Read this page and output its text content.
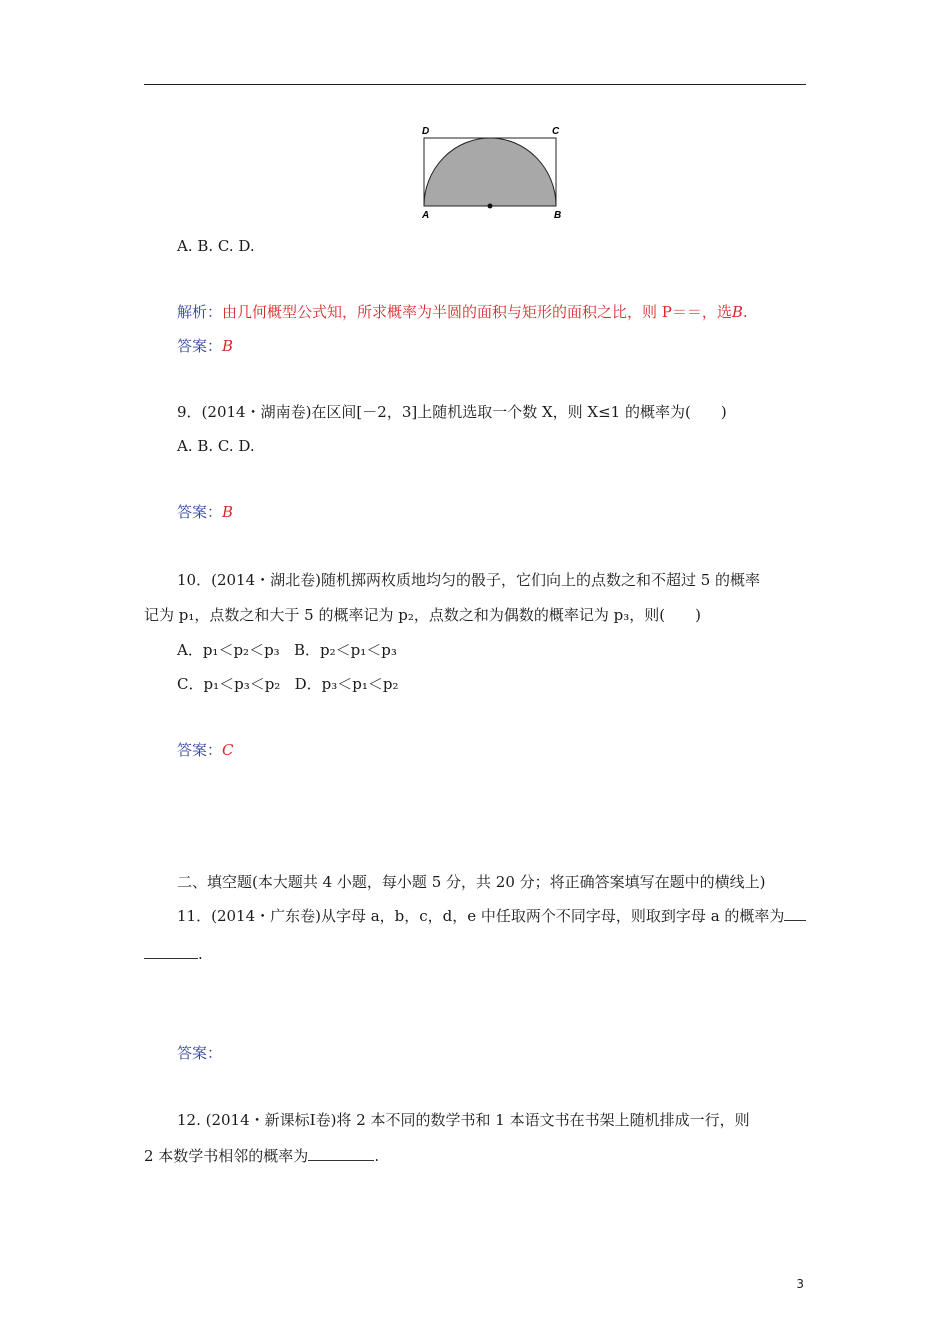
D	C
A	B
A. B. C. D.
解析：由几何概型公式知，所求概率为半圆的面积与矩形的面积之比，则 P＝＝，选B.
答案：B
9．(2014・湖南卷)在区间[－2，3]上随机选取一个数 X，则 X≤1 的概率为(　　)
A. B. C. D.
答案：B
10．(2014・湖北卷)随机掷两枚质地均匀的骰子，它们向上的点数之和不超过 5 的概率
记为 p₁，点数之和大于 5 的概率记为 p₂，点数之和为偶数的概率记为 p₃，则(　　)
A．p₁＜p₂＜p₃ B．p₂＜p₁＜p₃
C．p₁＜p₃＜p₂ D．p₃＜p₁＜p₂
答案：C
二、填空题(本大题共 4 小题，每小题 5 分，共 20 分；将正确答案填写在题中的横线上)
11．(2014・广东卷)从字母 a，b，c，d，e 中任取两个不同字母，则取到字母 a 的概率为
.
答案：
12. (2014・新课标Ⅰ卷)将 2 本不同的数学书和 1 本语文书在书架上随机排成一行，则
2 本数学书相邻的概率为	.
3
